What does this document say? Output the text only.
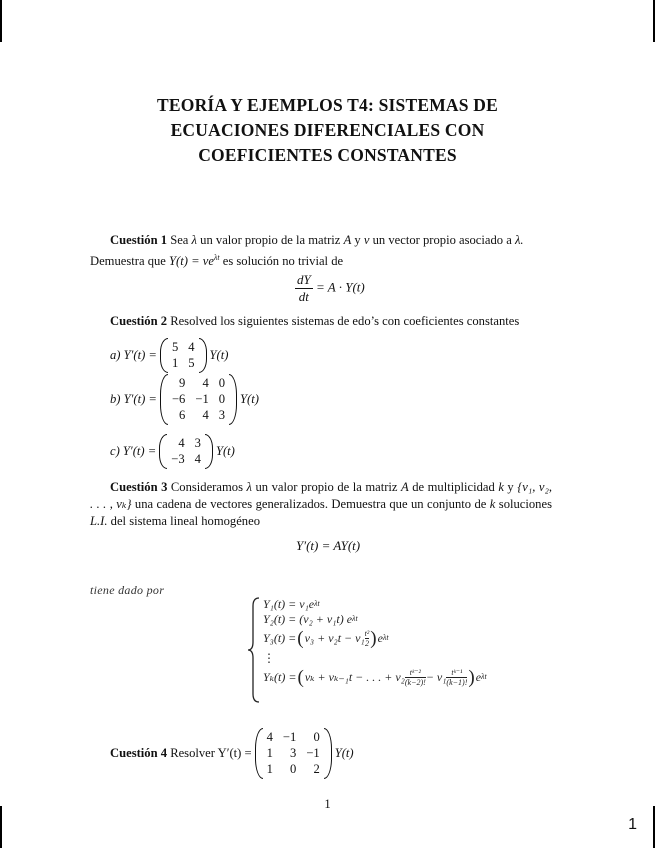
TEORÍA Y EJEMPLOS T4: SISTEMAS DE
ECUACIONES DIFERENCIALES CON
COEFICIENTES CONSTANTES
Cuestión 1 Sea λ un valor propio de la matriz A y v un vector propio asociado a λ.
Demuestra que $Y(t) = ve^{\lambda t}$ es solución no trivial de
$\frac{dY}{dt} = A \cdot Y(t)$
Cuestión 2 Resolved los siguientes sistemas de edo’s con coeficientes constantes
a) Y′(t) =
5 4
1 5
Y(t)
b) Y′(t) =
9	4 0
−6 −1 0
6	4 3
Y(t)
c) Y′(t) =
4 3
−3 4
Y(t)
Cuestión 3 Consideramos λ un valor propio de la matriz A de multiplicidad k y {v₁, v₂, . . . , vₖ} una cadena de vectores generalizados. Demuestra que un conjunto de k soluciones L.I. del sistema lineal homogéneo
Y′(t) = AY(t)
tiene dado por
Y₁(t) = v₁e λt
Y₂(t) = (v₂ + v₁t) e λt
Y₃(t) = ( v₃ + v₂t − v₁ t²
2 ) e λt
⋮
Yₖ(t) = ( vₖ + vₖ₋₁t − . . . + v₂ tᵏ⁻²
(k−2)! − v₁ tᵏ⁻¹
(k−1)! ) e λt
Cuestión 4
Resolver Y′(t) =
4 −1	0
1	3 −1
1	0	2
Y(t)
1
1
